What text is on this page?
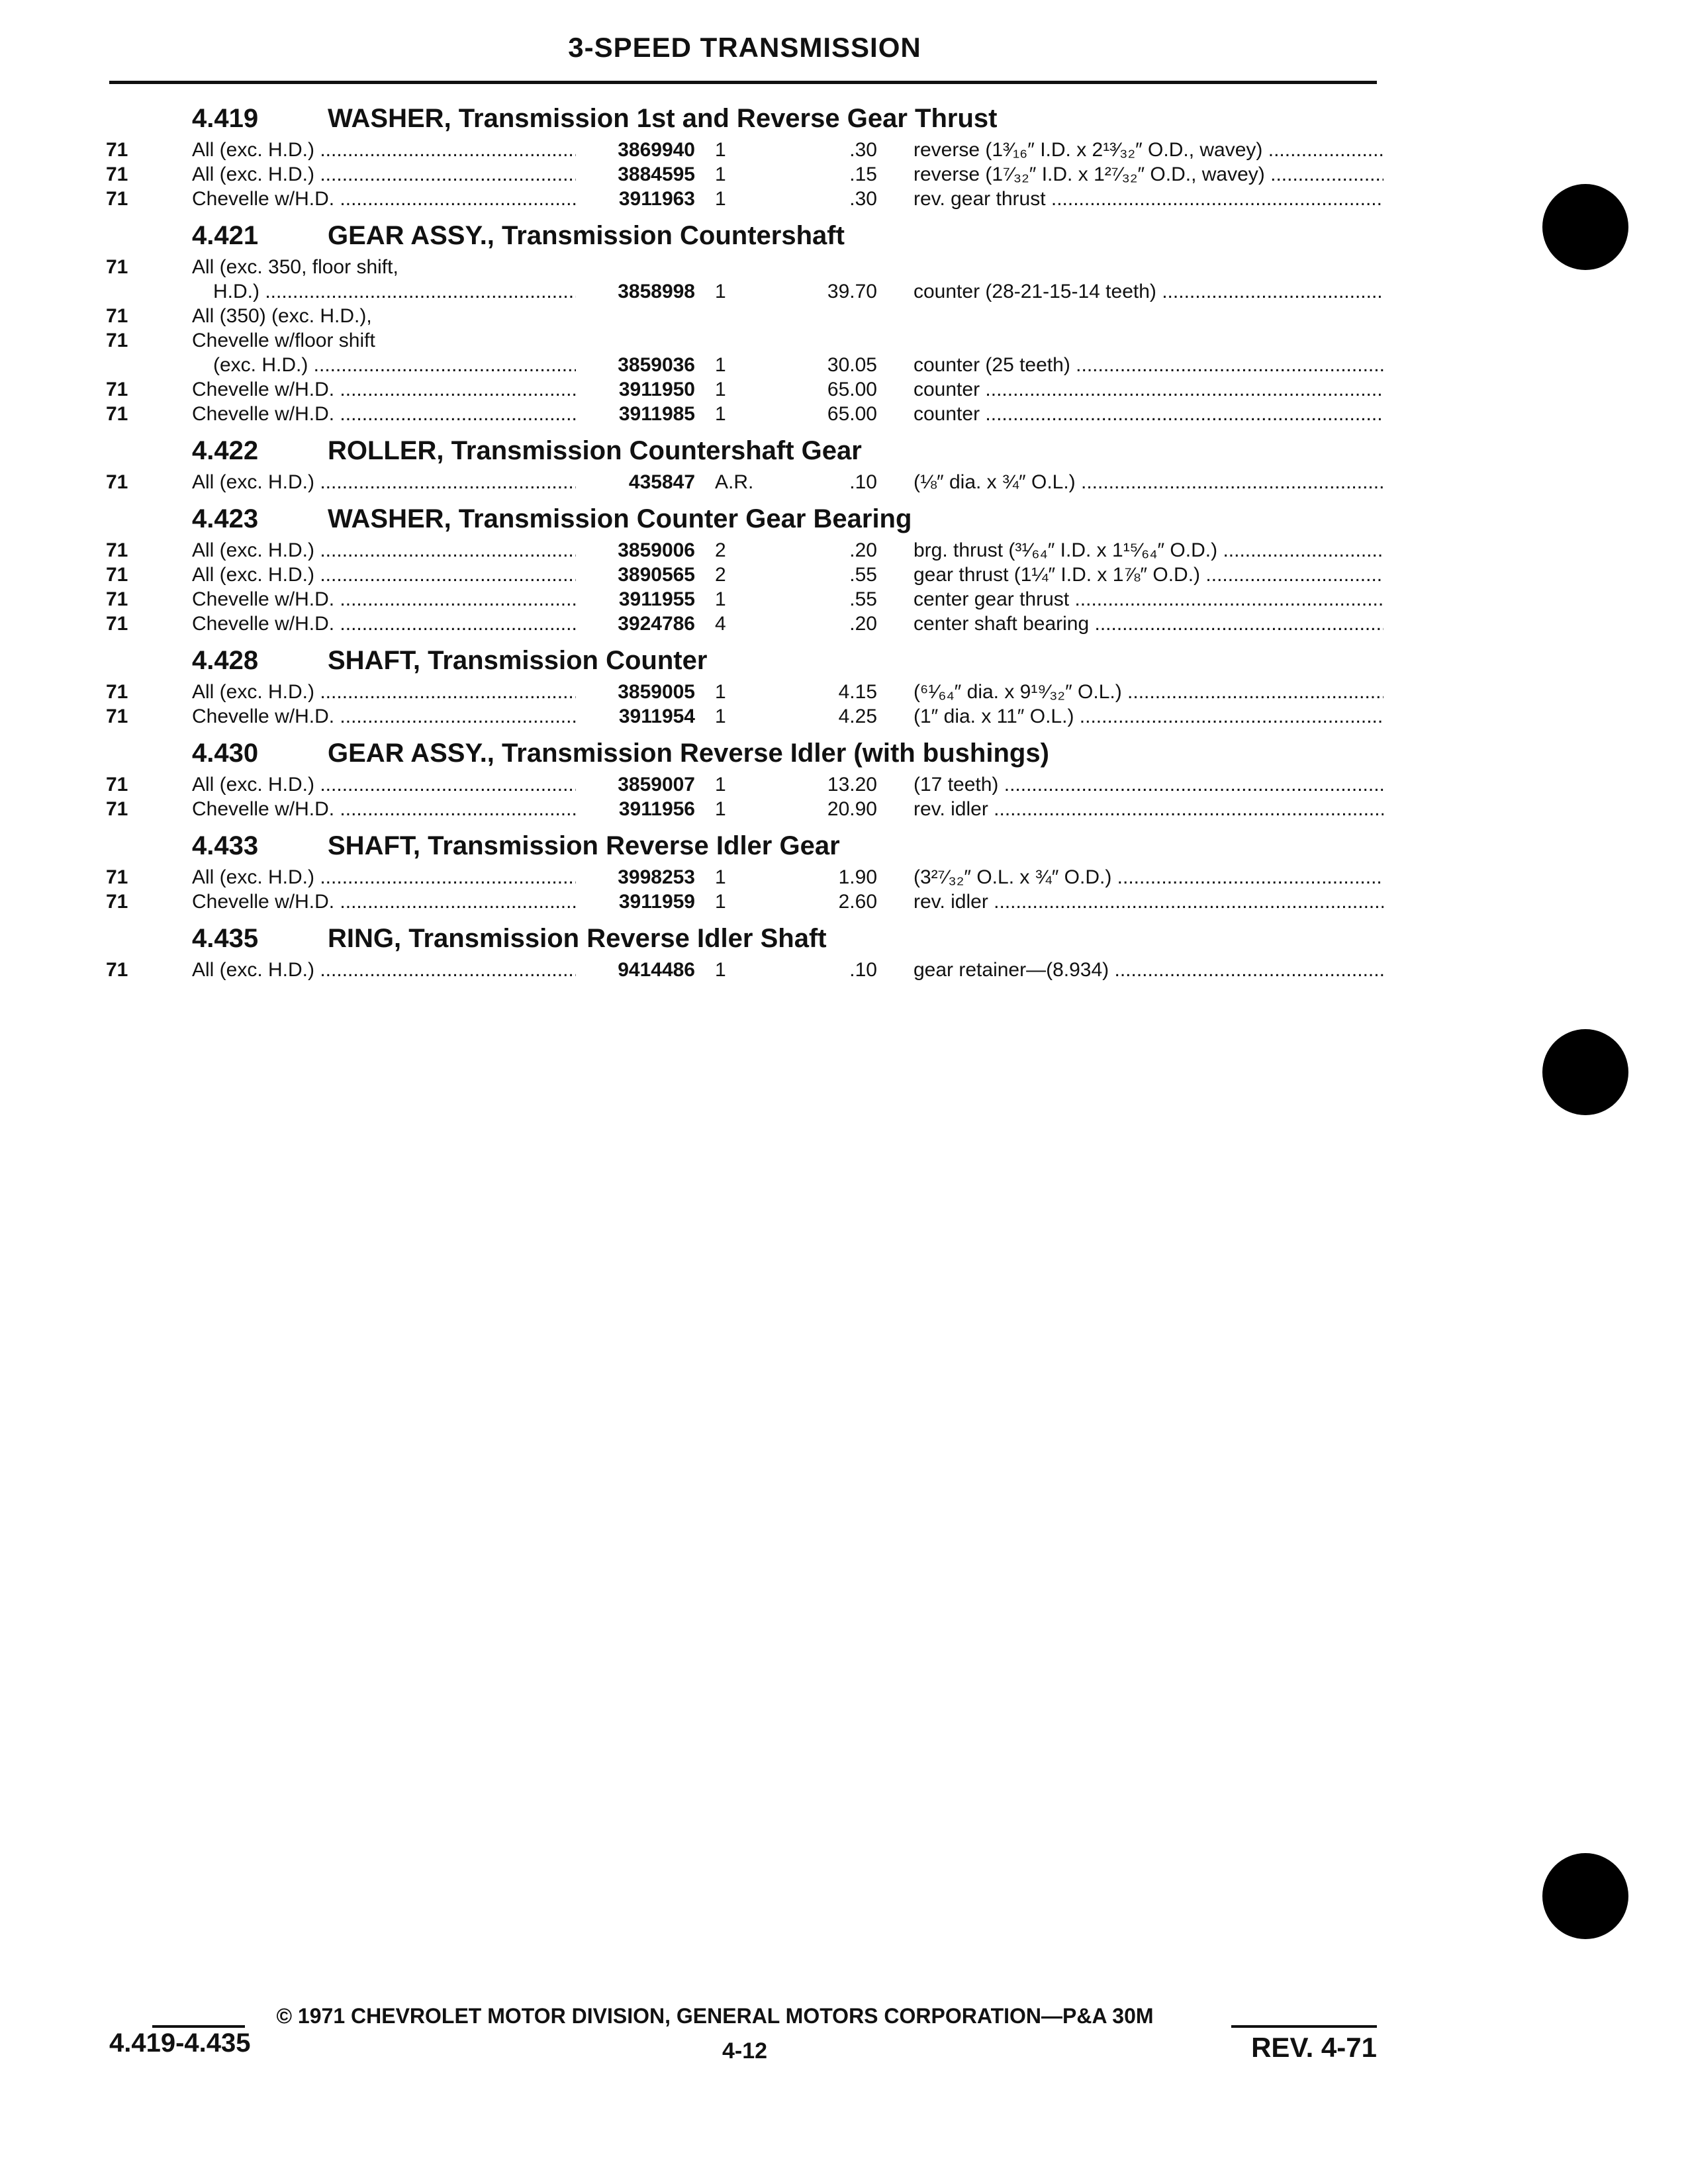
3-SPEED TRANSMISSION
4.419	WASHER, Transmission 1st and Reverse Gear Thrust
71	All (exc. H.D.) .....	3869940	1	.30 reverse (1³⁄₁₆″ I.D. x 2¹³⁄₃₂″ O.D., wavey) .....
71	All (exc. H.D.) .....	3884595	1	.15 reverse (1⁷⁄₃₂″ I.D. x 1²⁷⁄₃₂″ O.D., wavey) .....
71	Chevelle w/H.D. .....	3911963	1	.30 rev. gear thrust .....
4.421	GEAR ASSY., Transmission Countershaft
71	All (exc. 350, floor shift,
H.D.) .....	3858998	1	39.70 counter (28-21-15-14 teeth) .....
71	All (350) (exc. H.D.),
71	Chevelle w/floor shift
(exc. H.D.) .....	3859036	1	30.05 counter (25 teeth) .....
71	Chevelle w/H.D. .....	3911950	1	65.00 counter .....
71	Chevelle w/H.D. .....	3911985	1	65.00 counter .....
4.422	ROLLER, Transmission Countershaft Gear
71	All (exc. H.D.) .....	435847	A.R.	.10 (⅛″ dia. x ¾″ O.L.) .....
4.423	WASHER, Transmission Counter Gear Bearing
71	All (exc. H.D.) .....	3859006	2	.20 brg. thrust (³¹⁄₆₄″ I.D. x 1¹⁵⁄₆₄″ O.D.) .....
71	All (exc. H.D.) .....	3890565	2	.55 gear thrust (1¼″ I.D. x 1⅞″ O.D.) .....
71	Chevelle w/H.D. .....	3911955	1	.55 center gear thrust .....
71	Chevelle w/H.D. .....	3924786	4	.20 center shaft bearing .....
4.428	SHAFT, Transmission Counter
71	All (exc. H.D.) .....	3859005	1	4.15 (⁶¹⁄₆₄″ dia. x 9¹⁹⁄₃₂″ O.L.) .....
71	Chevelle w/H.D. .....	3911954	1	4.25 (1″ dia. x 11″ O.L.) .....
4.430	GEAR ASSY., Transmission Reverse Idler (with bushings)
71	All (exc. H.D.) .....	3859007	1	13.20 (17 teeth) .....
71	Chevelle w/H.D. .....	3911956	1	20.90 rev. idler .....
4.433	SHAFT, Transmission Reverse Idler Gear
71	All (exc. H.D.) .....	3998253	1	1.90 (3²⁷⁄₃₂″ O.L. x ¾″ O.D.) .....
71	Chevelle w/H.D. .....	3911959	1	2.60 rev. idler .....
4.435	RING, Transmission Reverse Idler Shaft
71	All (exc. H.D.) .....	9414486	1	.10 gear retainer—(8.934) .....
© 1971 CHEVROLET MOTOR DIVISION, GENERAL MOTORS CORPORATION—P&A 30M
4.419-4.435	4-12	REV. 4-71
